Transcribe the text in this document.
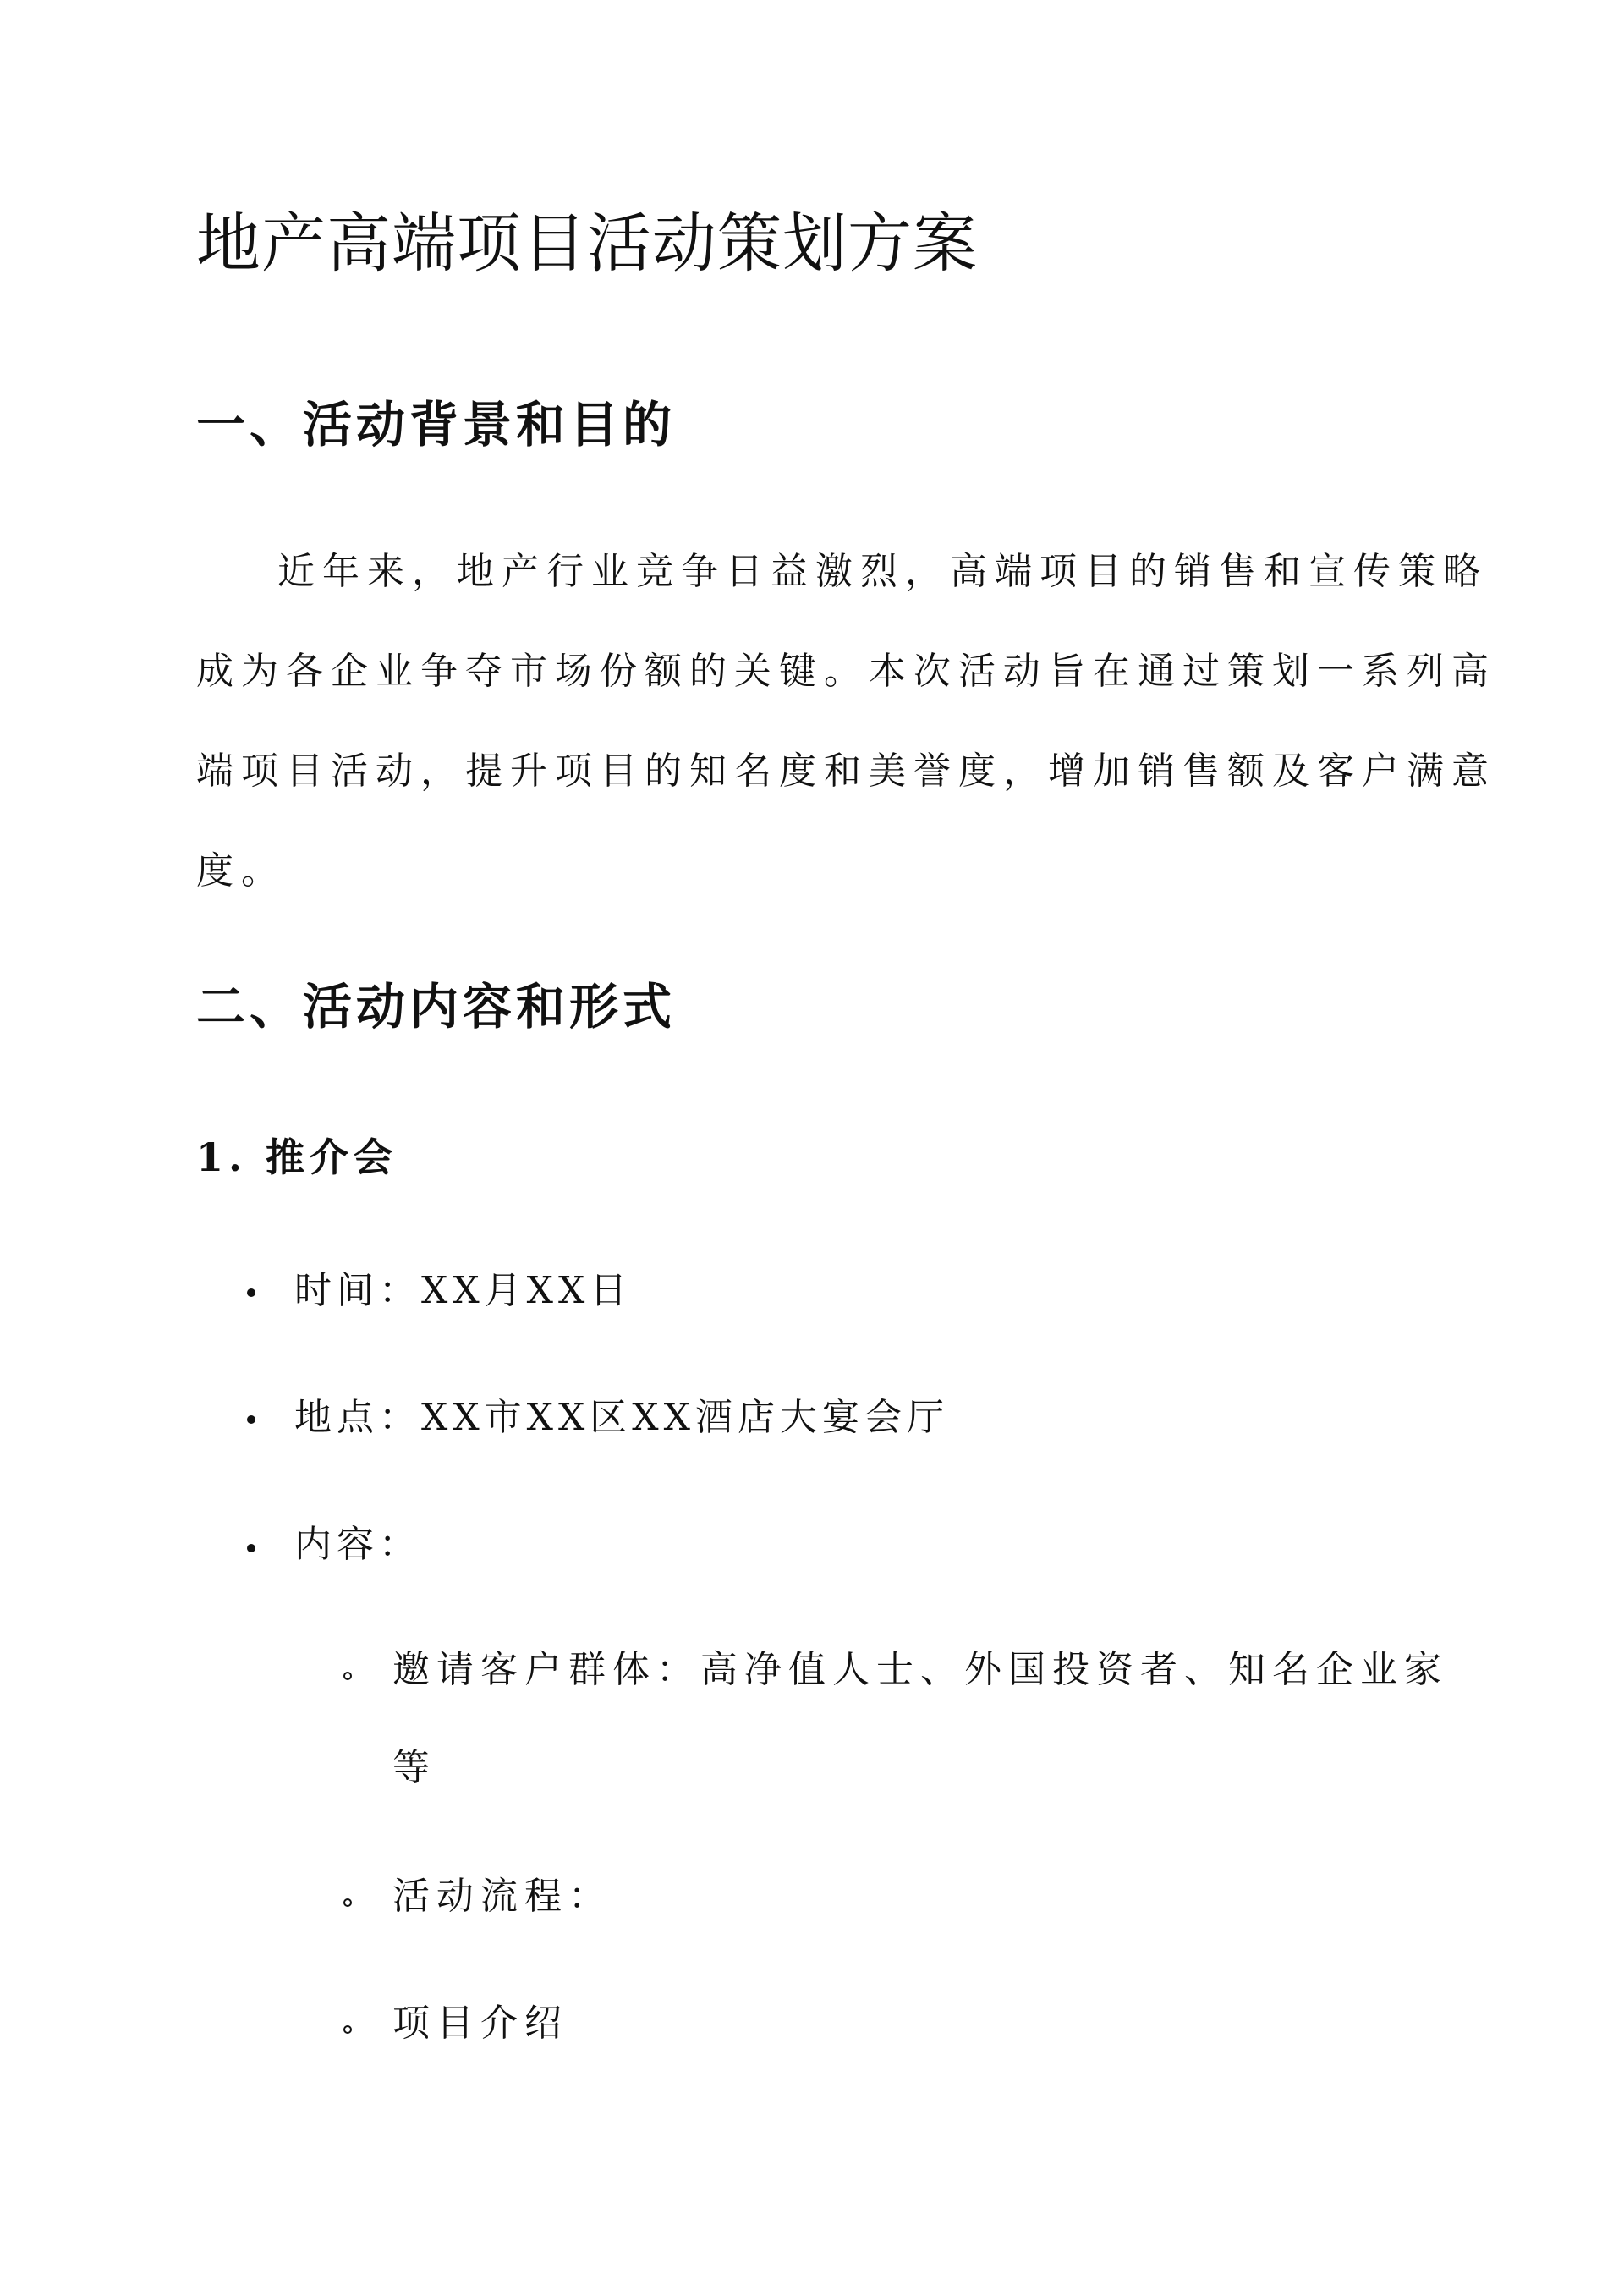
地产高端项目活动策划方案
一、活动背景和目的
近年来，地产行业竞争日益激烈，高端项目的销售和宣传策略
成为各企业争夺市场份额的关键。本次活动旨在通过策划一系列高
端项目活动，提升项目的知名度和美誉度，增加销售额及客户满意
度。
二、活动内容和形式
1. 推介会
时间：XX月XX日
地点：XX市XX区XX酒店大宴会厅
内容：
邀请客户群体：高净值人士、外国投资者、知名企业家
等
活动流程：
项目介绍
